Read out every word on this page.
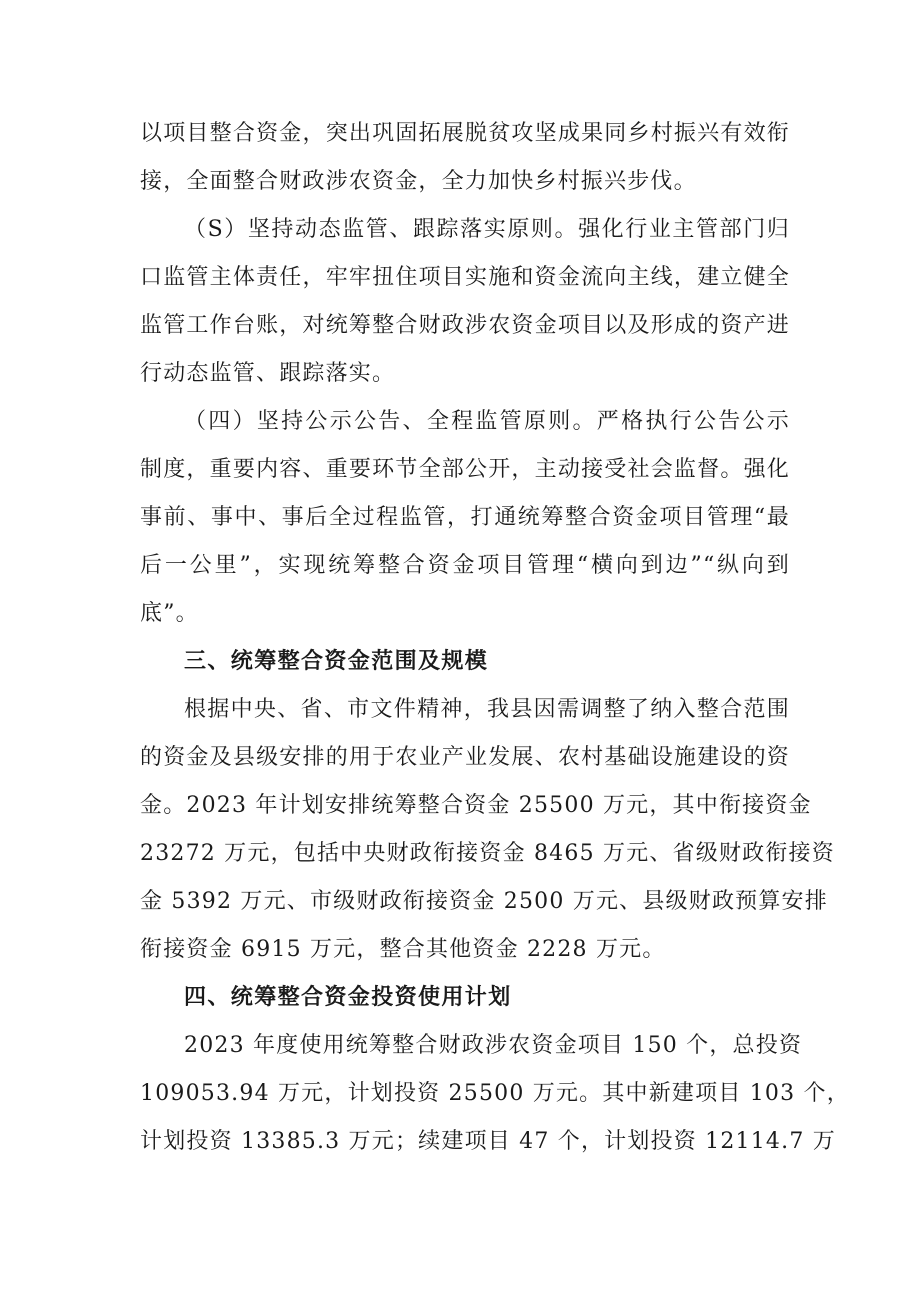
以项目整合资金，突出巩固拓展脱贫攻坚成果同乡村振兴有效衔
接，全面整合财政涉农资金，全力加快乡村振兴步伐。
（S）坚持动态监管、跟踪落实原则。强化行业主管部门归
口监管主体责任，牢牢扭住项目实施和资金流向主线，建立健全
监管工作台账，对统筹整合财政涉农资金项目以及形成的资产进
行动态监管、跟踪落实。
（四）坚持公示公告、全程监管原则。严格执行公告公示
制度，重要内容、重要环节全部公开，主动接受社会监督。强化
事前、事中、事后全过程监管，打通统筹整合资金项目管理“最
后一公里”，实现统筹整合资金项目管理“横向到边”“纵向到
底”。
三、统筹整合资金范围及规模
根据中央、省、市文件精神，我县因需调整了纳入整合范围
的资金及县级安排的用于农业产业发展、农村基础设施建设的资
金。2023 年计划安排统筹整合资金 25500 万元，其中衔接资金
23272 万元，包括中央财政衔接资金 8465 万元、省级财政衔接资
金 5392 万元、市级财政衔接资金 2500 万元、县级财政预算安排
衔接资金 6915 万元，整合其他资金 2228 万元。
四、统筹整合资金投资使用计划
2023 年度使用统筹整合财政涉农资金项目 150 个，总投资
109053.94 万元，计划投资 25500 万元。其中新建项目 103 个，
计划投资 13385.3 万元；续建项目 47 个，计划投资 12114.7 万
